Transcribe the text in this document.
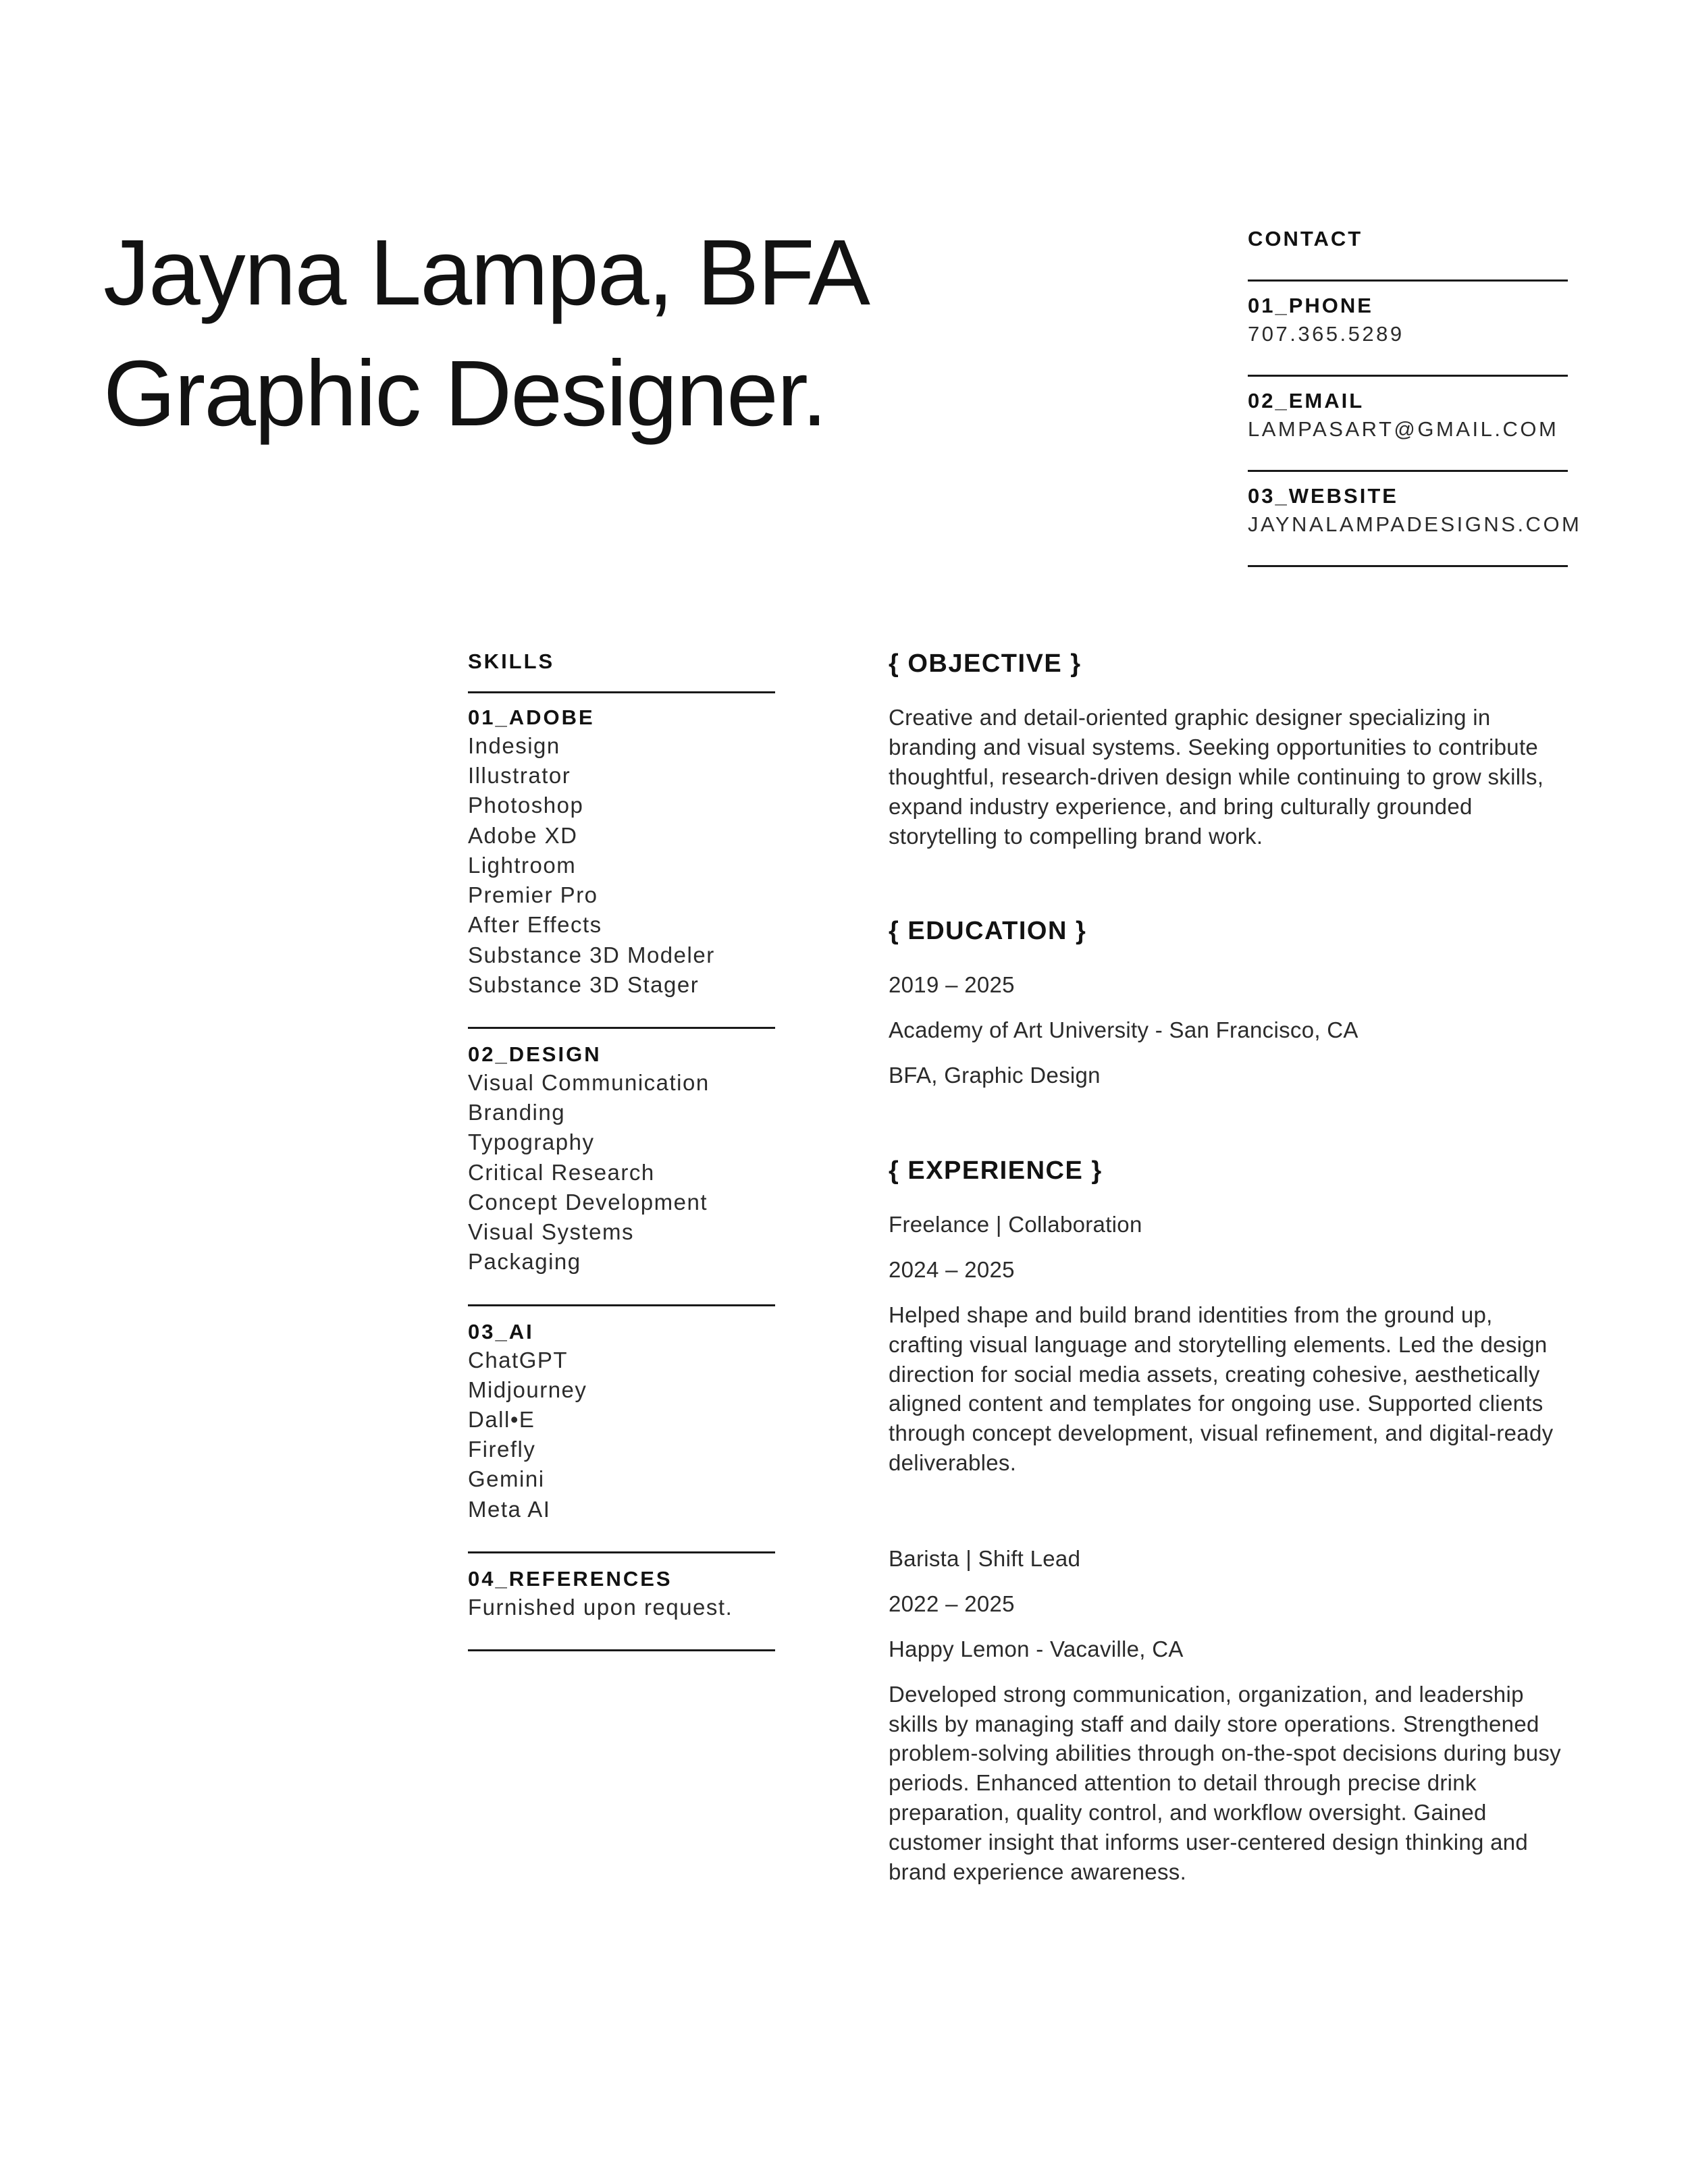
Jayna Lampa, BFA
Graphic Designer.
CONTACT
01_PHONE
707.365.5289
02_EMAIL
LAMPASART@GMAIL.COM
03_WEBSITE
JAYNALAMPADESIGNS.COM
SKILLS
01_ADOBE
Indesign
Illustrator
Photoshop
Adobe XD
Lightroom
Premier Pro
After Effects
Substance 3D Modeler
Substance 3D Stager
02_DESIGN
Visual Communication
Branding
Typography
Critical Research
Concept Development
Visual Systems
Packaging
03_AI
ChatGPT
Midjourney
Dall•E
Firefly
Gemini
Meta AI
04_REFERENCES
Furnished upon request.
{ OBJECTIVE }

Creative and detail-oriented graphic designer specializing in branding and visual systems. Seeking opportunities to contribute thoughtful, research-driven design while continuing to grow skills, expand industry experience, and bring culturally grounded storytelling to compelling brand work.

{ EDUCATION }
2019 – 2025
Academy of Art University - San Francisco, CA
BFA, Graphic Design
{ EXPERIENCE }
Freelance | Collaboration
2024 – 2025

Helped shape and build brand identities from the ground up, crafting visual language and storytelling elements. Led the design direction for social media assets, creating cohesive, aesthetically aligned content and templates for ongoing use. Supported clients through concept development, visual refinement, and digital-ready deliverables.

Barista | Shift Lead
2022 – 2025
Happy Lemon - Vacaville, CA

Developed strong communication, organization, and leadership skills by managing staff and daily store operations. Strengthened problem-solving abilities through on-the-spot decisions during busy periods. Enhanced attention to detail through precise drink preparation, quality control, and workflow oversight. Gained customer insight that informs user-centered design thinking and brand experience awareness.
